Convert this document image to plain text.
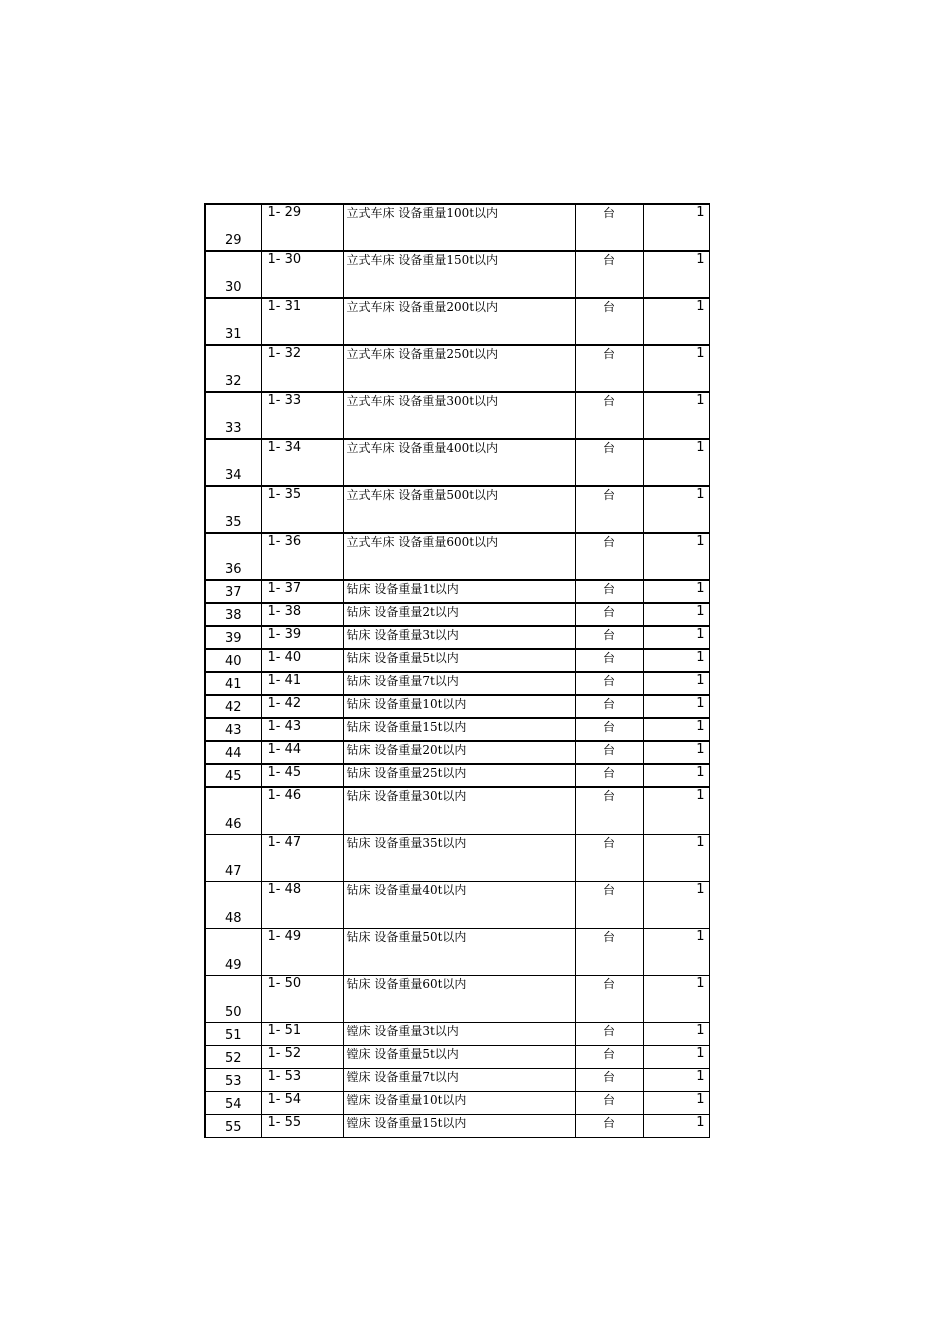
29	1- 29	立式车床 设备重量100t以内	台	1
30	1- 30	立式车床 设备重量150t以内	台	1
31	1- 31	立式车床 设备重量200t以内	台	1
32	1- 32	立式车床 设备重量250t以内	台	1
33	1- 33	立式车床 设备重量300t以内	台	1
34	1- 34	立式车床 设备重量400t以内	台	1
35	1- 35	立式车床 设备重量500t以内	台	1
36	1- 36	立式车床 设备重量600t以内	台	1
37	1- 37	钻床 设备重量1t以内	台	1
38	1- 38	钻床 设备重量2t以内	台	1
39	1- 39	钻床 设备重量3t以内	台	1
40	1- 40	钻床 设备重量5t以内	台	1
41	1- 41	钻床 设备重量7t以内	台	1
42	1- 42	钻床 设备重量10t以内	台	1
43	1- 43	钻床 设备重量15t以内	台	1
44	1- 44	钻床 设备重量20t以内	台	1
45	1- 45	钻床 设备重量25t以内	台	1
46	1- 46	钻床 设备重量30t以内	台	1
47	1- 47	钻床 设备重量35t以内	台	1
48	1- 48	钻床 设备重量40t以内	台	1
49	1- 49	钻床 设备重量50t以内	台	1
50	1- 50	钻床 设备重量60t以内	台	1
51	1- 51	镗床 设备重量3t以内	台	1
52	1- 52	镗床 设备重量5t以内	台	1
53	1- 53	镗床 设备重量7t以内	台	1
54	1- 54	镗床 设备重量10t以内	台	1
55	1- 55	镗床 设备重量15t以内	台	1
